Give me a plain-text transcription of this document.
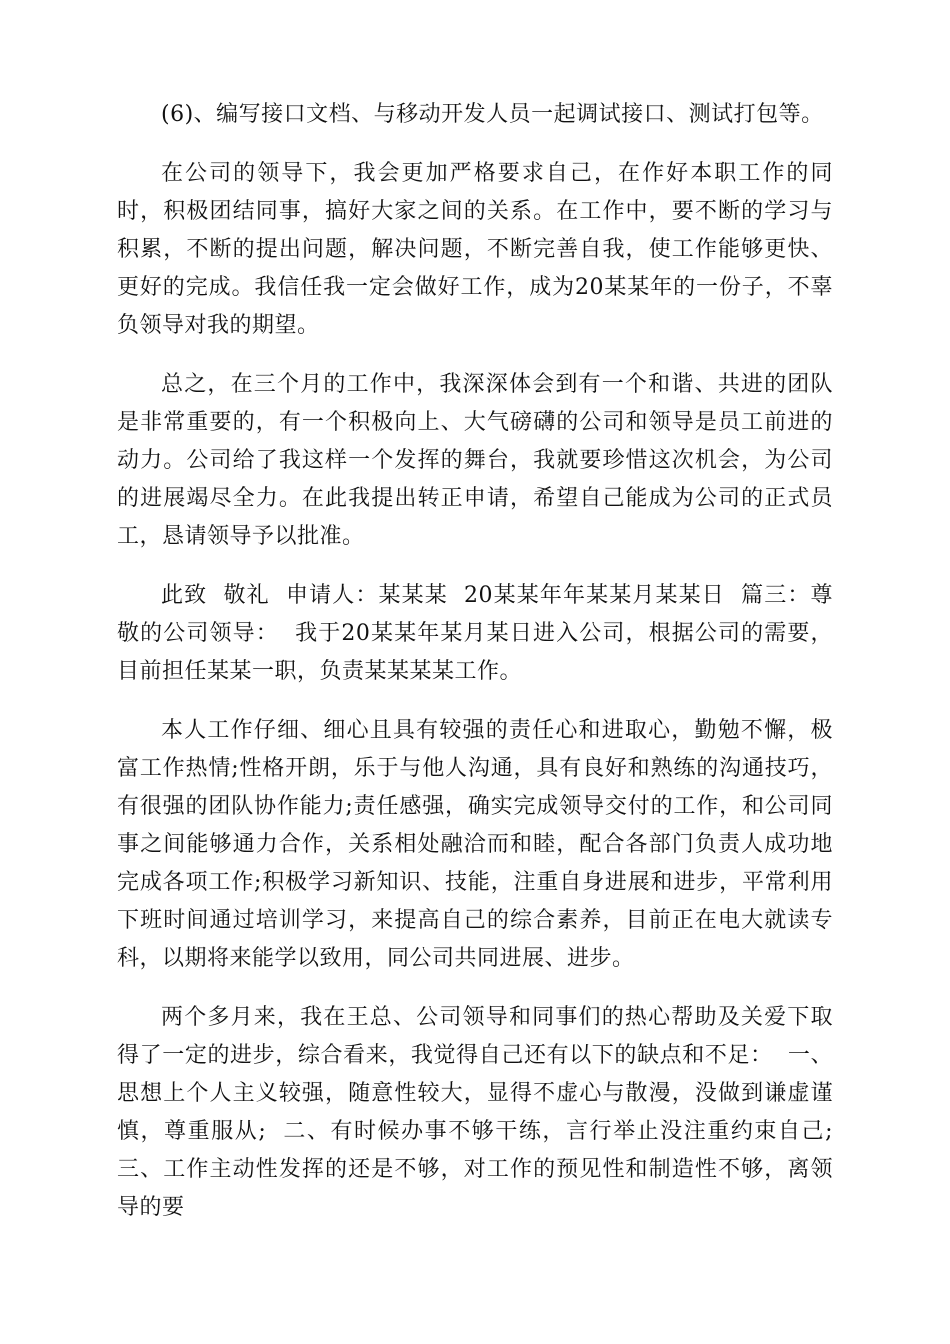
(6)、编写接口文档、与移动开发人员一起调试接口、测试打包等。

在公司的领导下，我会更加严格要求自己，在作好本职工作的同时，积极团结同事，搞好大家之间的关系。在工作中，要不断的学习与积累，不断的提出问题，解决问题，不断完善自我，使工作能够更快、更好的完成。我信任我一定会做好工作，成为20某某年的一份子，不辜负领导对我的期望。

总之，在三个月的工作中，我深深体会到有一个和谐、共进的团队是非常重要的，有一个积极向上、大气磅礴的公司和领导是员工前进的动力。公司给了我这样一个发挥的舞台，我就要珍惜这次机会，为公司的进展竭尽全力。在此我提出转正申请，希望自己能成为公司的正式员工，恳请领导予以批准。

此致  敬礼  申请人：某某某  20某某年年某某月某某日  篇三：尊敬的公司领导：  我于20某某年某月某日进入公司，根据公司的需要，目前担任某某一职，负责某某某某工作。

本人工作仔细、细心且具有较强的责任心和进取心，勤勉不懈，极富工作热情;性格开朗，乐于与他人沟通，具有良好和熟练的沟通技巧，有很强的团队协作能力;责任感强，确实完成领导交付的工作，和公司同事之间能够通力合作，关系相处融洽而和睦，配合各部门负责人成功地完成各项工作;积极学习新知识、技能，注重自身进展和进步，平常利用下班时间通过培训学习，来提高自己的综合素养，目前正在电大就读专科，以期将来能学以致用，同公司共同进展、进步。

两个多月来，我在王总、公司领导和同事们的热心帮助及关爱下取得了一定的进步，综合看来，我觉得自己还有以下的缺点和不足：  一、思想上个人主义较强，随意性较大，显得不虚心与散漫，没做到谦虚谨慎，尊重服从;  二、有时候办事不够干练，言行举止没注重约束自己;  三、工作主动性发挥的还是不够，对工作的预见性和制造性不够，离领导的要
